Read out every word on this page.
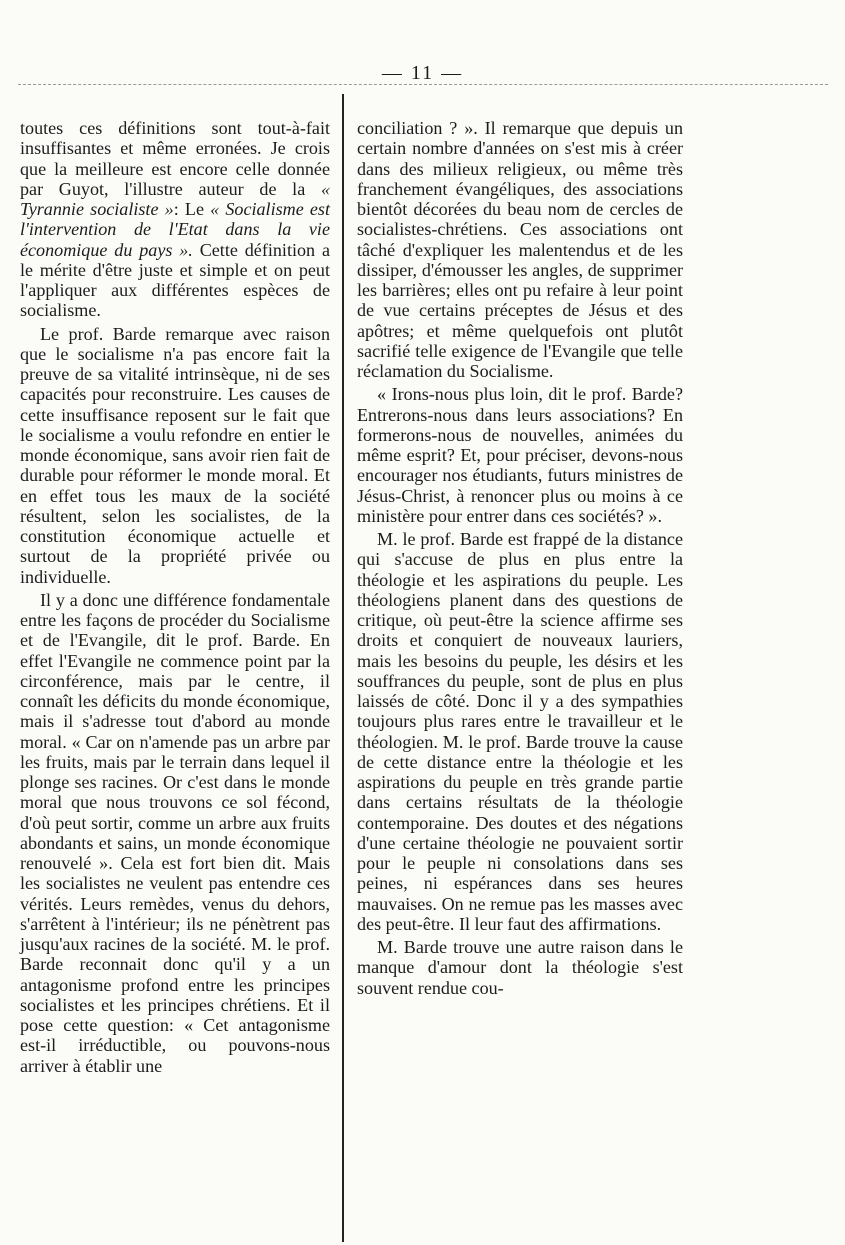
— 11 —

toutes ces définitions sont tout-à-fait insuffisantes et même erronées. Je crois que la meilleure est encore celle donnée par Guyot, l'illustre auteur de la « Tyrannie socialiste »: Le « Socialisme est l'intervention de l'Etat dans la vie économique du pays ». Cette définition a le mérite d'être juste et simple et on peut l'appliquer aux différentes espèces de socialisme.

Le prof. Barde remarque avec raison que le socialisme n'a pas encore fait la preuve de sa vitalité intrinsèque, ni de ses capacités pour reconstruire. Les causes de cette insuffisance reposent sur le fait que le socialisme a voulu refondre en entier le monde économique, sans avoir rien fait de durable pour réformer le monde moral. Et en effet tous les maux de la société résultent, selon les socialistes, de la constitution économique actuelle et surtout de la propriété privée ou individuelle.

Il y a donc une différence fondamentale entre les façons de procéder du Socialisme et de l'Evangile, dit le prof. Barde. En effet l'Evangile ne commence point par la circonférence, mais par le centre, il connaît les déficits du monde économique, mais il s'adresse tout d'abord au monde moral. « Car on n'amende pas un arbre par les fruits, mais par le terrain dans lequel il plonge ses racines. Or c'est dans le monde moral que nous trouvons ce sol fécond, d'où peut sortir, comme un arbre aux fruits abondants et sains, un monde économique renouvelé ». Cela est fort bien dit. Mais les socialistes ne veulent pas entendre ces vérités. Leurs remèdes, venus du dehors, s'arrêtent à l'intérieur; ils ne pénètrent pas jusqu'aux racines de la société. M. le prof. Barde reconnait donc qu'il y a un antagonisme profond entre les principes socialistes et les principes chrétiens. Et il pose cette question: « Cet antagonisme est-il irréductible, ou pouvons-nous arriver à établir une

conciliation ? ». Il remarque que depuis un certain nombre d'années on s'est mis à créer dans des milieux religieux, ou même très franchement évangéliques, des associations bientôt décorées du beau nom de cercles de socialistes-chrétiens. Ces associations ont tâché d'expliquer les malentendus et de les dissiper, d'émousser les angles, de supprimer les barrières; elles ont pu refaire à leur point de vue certains préceptes de Jésus et des apôtres; et même quelquefois ont plutôt sacrifié telle exigence de l'Evangile que telle réclamation du Socialisme.

« Irons-nous plus loin, dit le prof. Barde? Entrerons-nous dans leurs associations? En formerons-nous de nouvelles, animées du même esprit? Et, pour préciser, devons-nous encourager nos étudiants, futurs ministres de Jésus-Christ, à renoncer plus ou moins à ce ministère pour entrer dans ces sociétés? ».

M. le prof. Barde est frappé de la distance qui s'accuse de plus en plus entre la théologie et les aspirations du peuple. Les théologiens planent dans des questions de critique, où peut-être la science affirme ses droits et conquiert de nouveaux lauriers, mais les besoins du peuple, les désirs et les souffrances du peuple, sont de plus en plus laissés de côté. Donc il y a des sympathies toujours plus rares entre le travailleur et le théologien. M. le prof. Barde trouve la cause de cette distance entre la théologie et les aspirations du peuple en très grande partie dans certains résultats de la théologie contemporaine. Des doutes et des négations d'une certaine théologie ne pouvaient sortir pour le peuple ni consolations dans ses peines, ni espérances dans ses heures mauvaises. On ne remue pas les masses avec des peut-être. Il leur faut des affirmations.

M. Barde trouve une autre raison dans le manque d'amour dont la théologie s'est souvent rendue cou-
